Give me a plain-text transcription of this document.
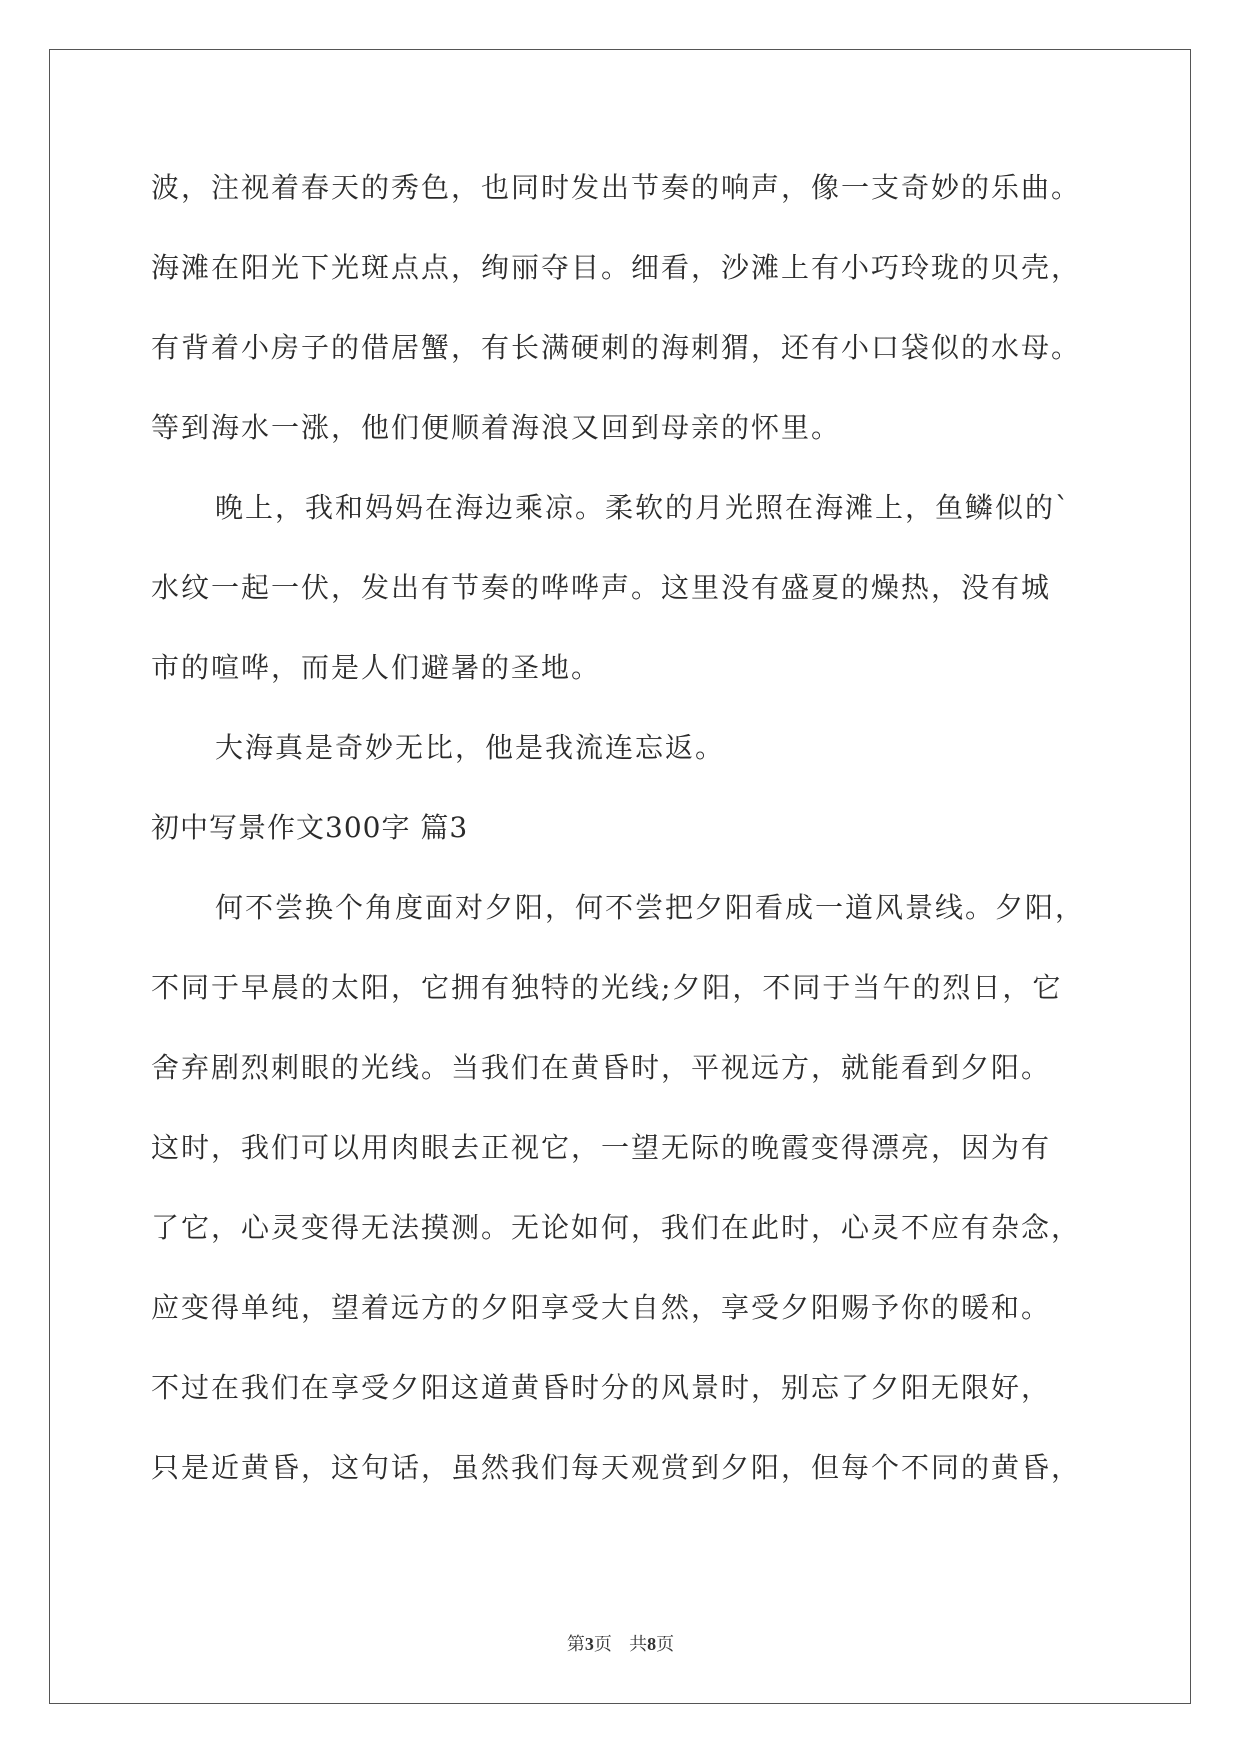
波，注视着春天的秀色，也同时发出节奏的响声，像一支奇妙的乐曲。
海滩在阳光下光斑点点，绚丽夺目。细看，沙滩上有小巧玲珑的贝壳，
有背着小房子的借居蟹，有长满硬刺的海刺猬，还有小口袋似的水母。
等到海水一涨，他们便顺着海浪又回到母亲的怀里。
晚上，我和妈妈在海边乘凉。柔软的月光照在海滩上，鱼鳞似的`
水纹一起一伏，发出有节奏的哗哗声。这里没有盛夏的燥热，没有城
市的喧哗，而是人们避暑的圣地。
大海真是奇妙无比，他是我流连忘返。
初中写景作文300字 篇3
何不尝换个角度面对夕阳，何不尝把夕阳看成一道风景线。夕阳，
不同于早晨的太阳，它拥有独特的光线;夕阳，不同于当午的烈日，它
舍弃剧烈刺眼的光线。当我们在黄昏时，平视远方，就能看到夕阳。
这时，我们可以用肉眼去正视它，一望无际的晚霞变得漂亮，因为有
了它，心灵变得无法摸测。无论如何，我们在此时，心灵不应有杂念，
应变得单纯，望着远方的夕阳享受大自然，享受夕阳赐予你的暖和。
不过在我们在享受夕阳这道黄昏时分的风景时，别忘了夕阳无限好，
只是近黄昏，这句话，虽然我们每天观赏到夕阳，但每个不同的黄昏，
第3页 共8页
